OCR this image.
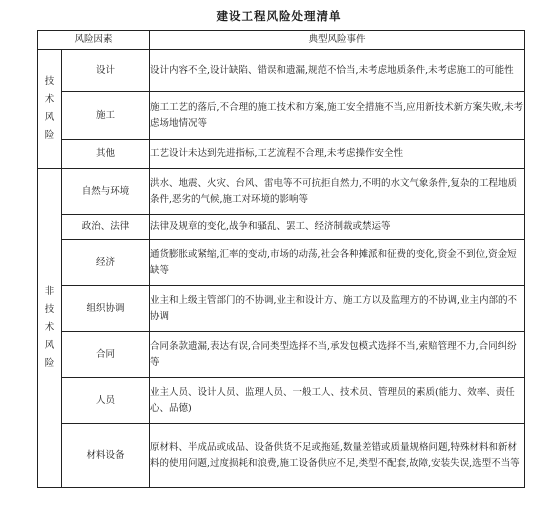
建设工程风险处理清单
风险因素		典型风险事件
技术风险	设计	设计内容不全,设计缺陷、错误和遗漏,规范不恰当,未考虑地质条件,未考虑施工的可能性
	施工	施工工艺的落后,不合理的施工技术和方案,施工安全措施不当,应用新技术新方案失败,未考虑场地情况等
	其他	工艺设计未达到先进指标,工艺流程不合理,未考虑操作安全性
非技术风险	自然与环境	洪水、地震、火灾、台风、雷电等不可抗拒自然力,不明的水文气象条件,复杂的工程地质条件,恶劣的气候,施工对环境的影响等
	政治、法律	法律及规章的变化,战争和骚乱、罢工、经济制裁或禁运等
	经济	通货膨胀或紧缩,汇率的变动,市场的动荡,社会各种摊派和征费的变化,资金不到位,资金短缺等
	组织协调	业主和上级主管部门的不协调,业主和设计方、施工方以及监理方的不协调,业主内部的不协调
	合同	合同条款遗漏,表达有误,合同类型选择不当,承发包模式选择不当,索赔管理不力,合同纠纷等
	人员	业主人员、设计人员、监理人员、一般工人、技术员、管理员的素质(能力、效率、责任心、品德)
	材料设备	原材料、半成品或成品、设备供货不足或拖延,数量差错或质量规格问题,特殊材料和新材料的使用问题,过度损耗和浪费,施工设备供应不足,类型不配套,故障,安装失误,选型不当等
